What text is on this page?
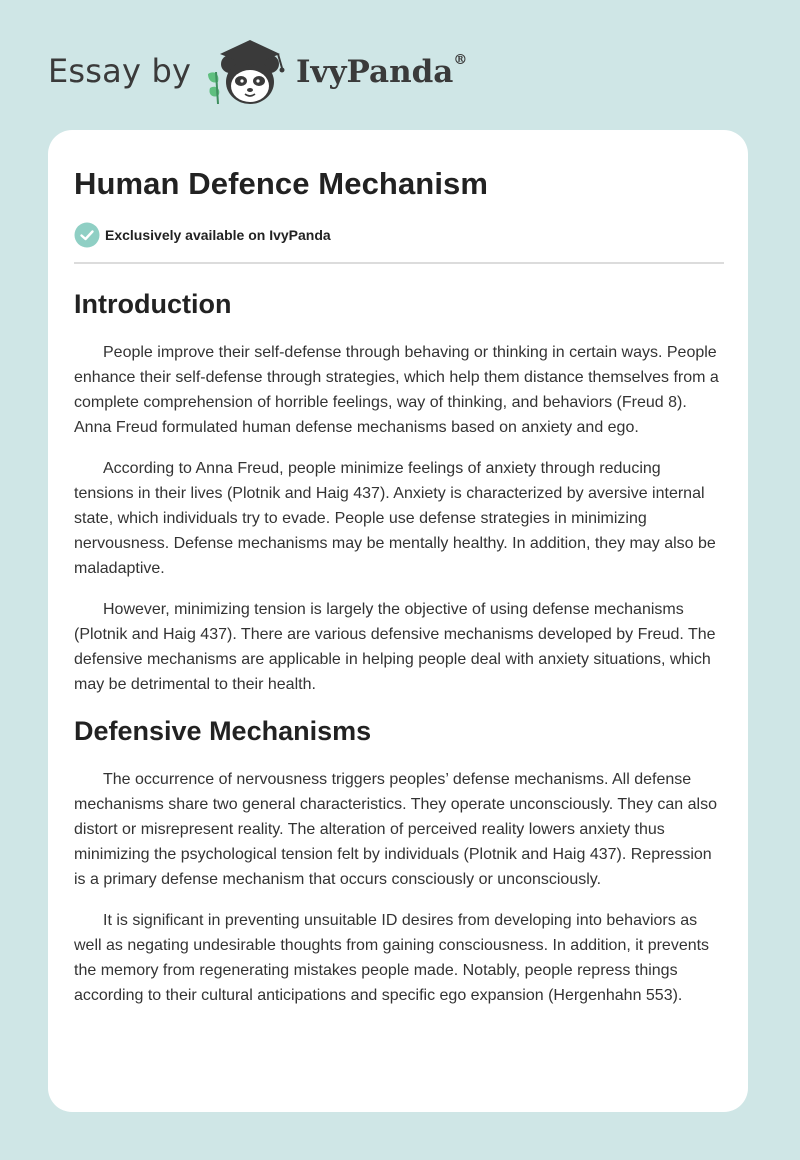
Essay by	IvyPanda®
Human Defence Mechanism
Exclusively available on IvyPanda
Introduction

People improve their self-defense through behaving or thinking in certain ways. People enhance their self-defense through strategies, which help them distance themselves from a complete comprehension of horrible feelings, way of thinking, and behaviors (Freud 8). Anna Freud formulated human defense mechanisms based on anxiety and ego.

According to Anna Freud, people minimize feelings of anxiety through reducing tensions in their lives (Plotnik and Haig 437). Anxiety is characterized by aversive internal state, which individuals try to evade. People use defense strategies in minimizing nervousness. Defense mechanisms may be mentally healthy. In addition, they may also be maladaptive.

However, minimizing tension is largely the objective of using defense mechanisms (Plotnik and Haig 437). There are various defensive mechanisms developed by Freud. The defensive mechanisms are applicable in helping people deal with anxiety situations, which may be detrimental to their health.

Defensive Mechanisms

The occurrence of nervousness triggers peoples’ defense mechanisms. All defense mechanisms share two general characteristics. They operate unconsciously. They can also distort or misrepresent reality. The alteration of perceived reality lowers anxiety thus minimizing the psychological tension felt by individuals (Plotnik and Haig 437). Repression is a primary defense mechanism that occurs consciously or unconsciously.

It is significant in preventing unsuitable ID desires from developing into behaviors as well as negating undesirable thoughts from gaining consciousness. In addition, it prevents the memory from regenerating mistakes people made. Notably, people repress things according to their cultural anticipations and specific ego expansion (Hergenhahn 553).
